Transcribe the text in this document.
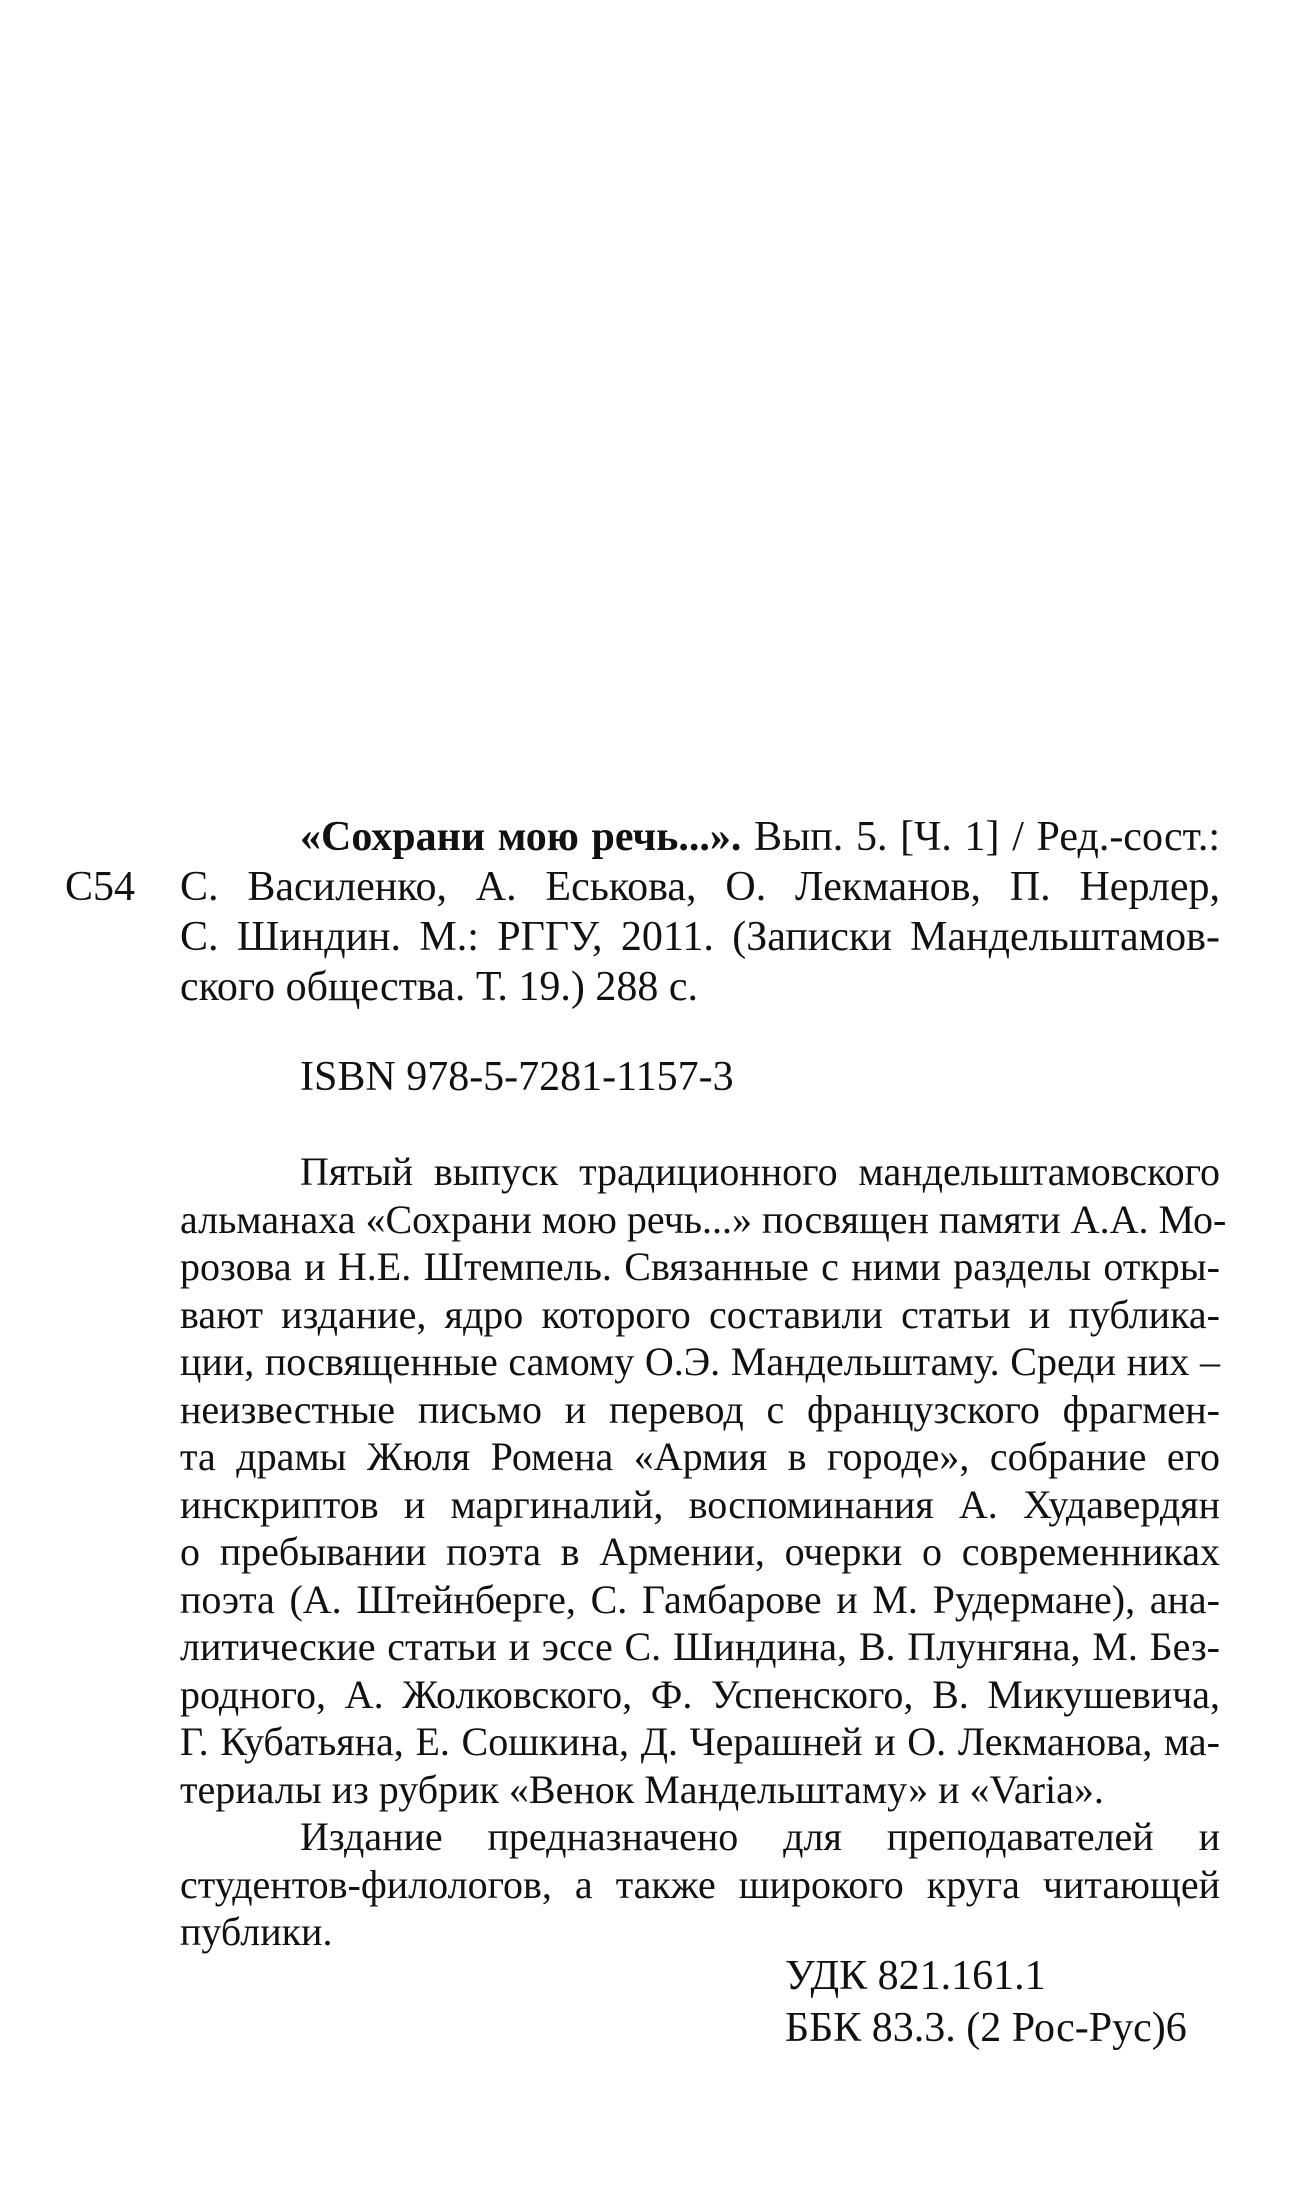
«Сохрани мою речь...». Вып. 5. [Ч. 1] / Ред.-сост.:
С. Василенко, А. Еськова, О. Лекманов, П. Нерлер,
С. Шиндин. М.: РГГУ, 2011. (Записки Мандельштамов-
ского общества. Т. 19.) 288 с.
С54
ISBN 978-5-7281-1157-3
Пятый выпуск традиционного мандельштамовского
альманаха «Сохрани мою речь...» посвящен памяти А.А. Мо-
розова и Н.Е. Штемпель. Связанные с ними разделы откры-
вают издание, ядро которого составили статьи и публика-
ции, посвященные самому О.Э. Мандельштаму. Среди них –
неизвестные письмо и перевод с французского фрагмен-
та драмы Жюля Ромена «Армия в городе», собрание его
инскриптов и маргиналий, воспоминания А. Худавердян
о пребывании поэта в Армении, очерки о современниках
поэта (А. Штейнберге, С. Гамбарове и М. Рудермане), ана-
литические статьи и эссе С. Шиндина, В. Плунгяна, М. Без-
родного, А. Жолковского, Ф. Успенского, В. Микушевича,
Г. Кубатьяна, Е. Сошкина, Д. Черашней и О. Лекманова, ма-
териалы из рубрик «Венок Мандельштаму» и «Varia».
Издание предназначено для преподавателей и
студентов-филологов, а также широкого круга читающей
публики.
УДК 821.161.1
ББК 83.3. (2 Рос-Рус)6
